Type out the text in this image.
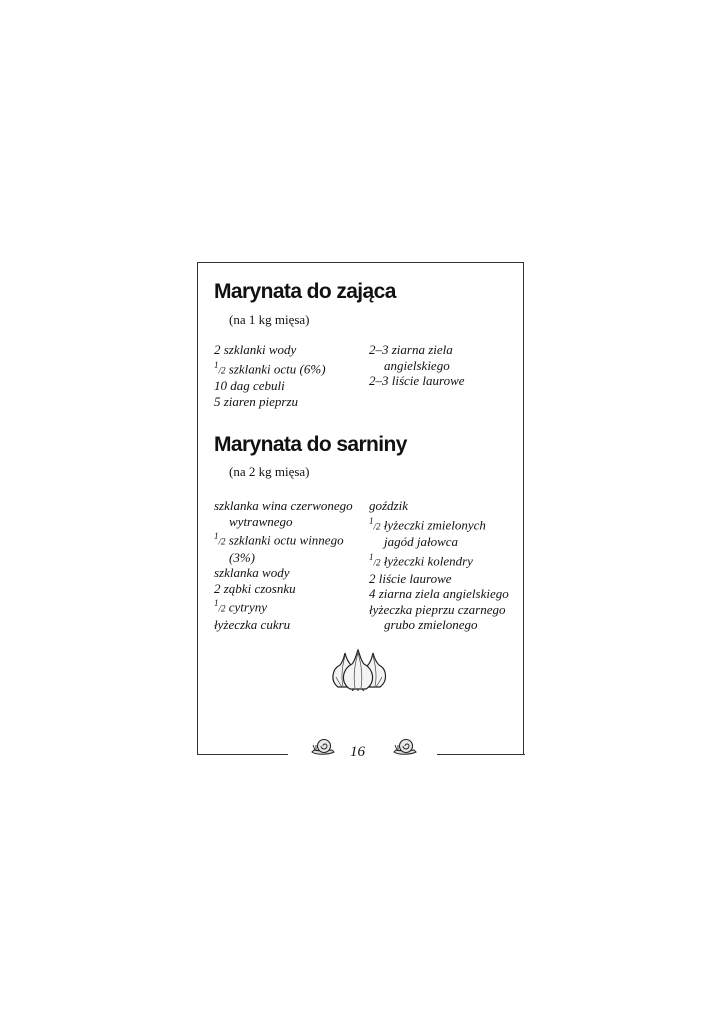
Marynata do zająca
(na 1 kg mięsa)
2 szklanki wody
$^1$/2 szklanki octu (6%)
10 dag cebuli
5 ziaren pieprzu
2–3 ziarna ziela
angielskiego
2–3 liście laurowe
Marynata do sarniny
(na 2 kg mięsa)
szklanka wina czerwonego
wytrawnego
$^1$/2 szklanki octu winnego
(3%)
szklanka wody
2 ząbki czosnku
$^1$/2 cytryny
łyżeczka cukru
goździk
$^1$/2 łyżeczki zmielonych
jagód jałowca
$^1$/2 łyżeczki kolendry
2 liście laurowe
4 ziarna ziela angielskiego
łyżeczka pieprzu czarnego
grubo zmielonego
16
